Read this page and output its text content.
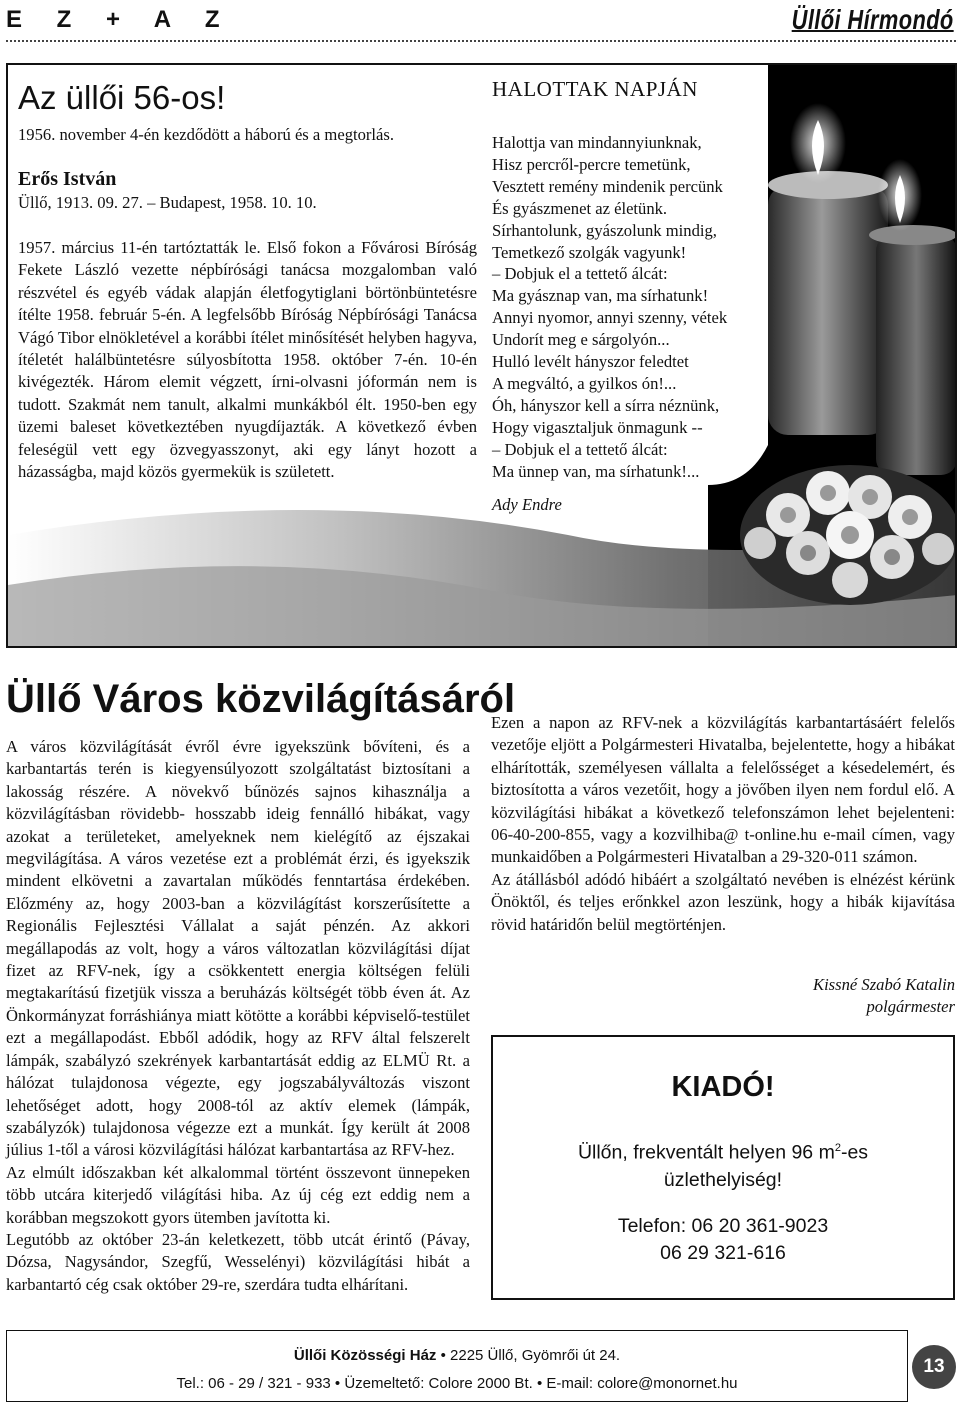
E Z + A Z	Üllői Hírmondó
Az üllői 56-os!
1956. november 4-én kezdődött a háború és a megtorlás.
Erős István
Üllő, 1913. 09. 27. – Budapest, 1958. 10. 10.

1957. március 11-én tartóztatták le. Első fokon a Fővárosi Bíróság Fekete László vezette népbírósági tanácsa mozgalomban való részvétel és egyéb vádak alapján életfogytiglani börtönbüntetésre ítélte 1958. február 5-én. A legfelsőbb Bíróság Népbírósági Tanácsa Vágó Tibor elnökletével a korábbi ítélet minősítését helyben hagyva, ítéletét halálbüntetésre súlyosbította 1958. október 7-én. 10-én kivégezték. Három elemit végzett, írni-olvasni jóformán nem is tudott. Szakmát nem tanult, alkalmi munkákból élt. 1950-ben egy üzemi baleset következtében nyugdíjazták. A következő évben feleségül vett egy özvegyasszonyt, aki egy lányt hozott a házasságba, majd közös gyermekük is született.

HALOTTAK NAPJÁN
Halottja van mindannyiunknak,
Hisz percről-percre temetünk,
Vesztett remény mindenik percünk
És gyászmenet az életünk.
Sírhantolunk, gyászolunk mindig,
Temetkező szolgák vagyunk!
– Dobjuk el a tettető álcát:
Ma gyásznap van, ma sírhatunk!
Annyi nyomor, annyi szenny, vétek
Undorít meg e sárgolyón...
Hulló levélt hányszor feledtet
A megváltó, a gyilkos ón!...
Óh, hányszor kell a sírra néznünk,
Hogy vigasztaljuk önmagunk --
– Dobjuk el a tettető álcát:
Ma ünnep van, ma sírhatunk!...
Ady Endre
Üllő Város közvilágításáról

A város közvilágítását évről évre igyekszünk bővíteni, és a karbantartás terén is kiegyensúlyozott szolgáltatást biztosítani a lakosság részére. A növekvő bűnözés sajnos kihasználja a közvilágításban rövidebb- hosszabb ideig fennálló hibákat, vagy azokat a területeket, amelyeknek nem kielégítő az éjszakai megvilágítása. A város vezetése ezt a problémát érzi, és igyekszik mindent elkövetni a zavartalan működés fenntartása érdekében. Előzmény az, hogy 2003-ban a közvilágítást korszerűsítette a Regionális Fejlesztési Vállalat a saját pénzén. Az akkori megállapodás az volt, hogy a város változatlan közvilágítási díjat fizet az RFV-nek, így a csökkentett energia költségen felüli megtakarítású fizetjük vissza a beruházás költségét több éven át. Az Önkormányzat forráshiánya miatt kötötte a korábbi képviselő-testület ezt a megállapodást. Ebből adódik, hogy az RFV által felszerelt lámpák, szabályzó szekrények karbantartását eddig az ELMÜ Rt. a hálózat tulajdonosa végezte, egy jogszabályváltozás viszont lehetőséget adott, hogy 2008-tól az aktív elemek (lámpák, szabályzók) tulajdonosa végezze ezt a munkát. Így került át 2008 július 1-től a városi közvilágítási hálózat karbantartása az RFV-hez.

Az elmúlt időszakban két alkalommal történt összevont ünnepeken több utcára kiterjedő világítási hiba. Az új cég ezt eddig nem a korábban megszokott gyors ütemben javította ki.

Legutóbb az október 23-án keletkezett, több utcát érintő (Pávay, Dózsa, Nagysándor, Szegfű, Wesselényi) közvilágítási hibát a karbantartó cég csak október 29-re, szerdára tudta elhárítani.

Ezen a napon az RFV-nek a közvilágítás karbantartásáért felelős vezetője eljött a Polgármesteri Hivatalba, bejelentette, hogy a hibákat elhárították, személyesen vállalta a felelősséget a késedelemért, és biztosította a város vezetőit, hogy a jövőben ilyen nem fordul elő. A közvilágítási hibákat a következő telefonszámon lehet bejelenteni: 06-40-200-855, vagy a kozvilhiba@ t-online.hu e-mail címen, vagy munkaidőben a Polgármesteri Hivatalban a 29-320-011 számon.

Az átállásból adódó hibáért a szolgáltató nevében is elnézést kérünk Önöktől, és teljes erőnkkel azon leszünk, hogy a hibák kijavítása rövid határidőn belül megtörténjen.

Kissné Szabó Katalin
polgármester
KIADÓ!
Üllőn, frekventált helyen 96 $m^2-es$ üzlethelyiség!
Telefon: 06 20 361-9023
06 29 321-616
Üllői Közösségi Ház • 2225 Üllő, Gyömrői út 24.
Tel.: 06 - 29 / 321 - 933 • Üzemeltető: Colore 2000 Bt. • E-mail: colore@monornet.hu
13
